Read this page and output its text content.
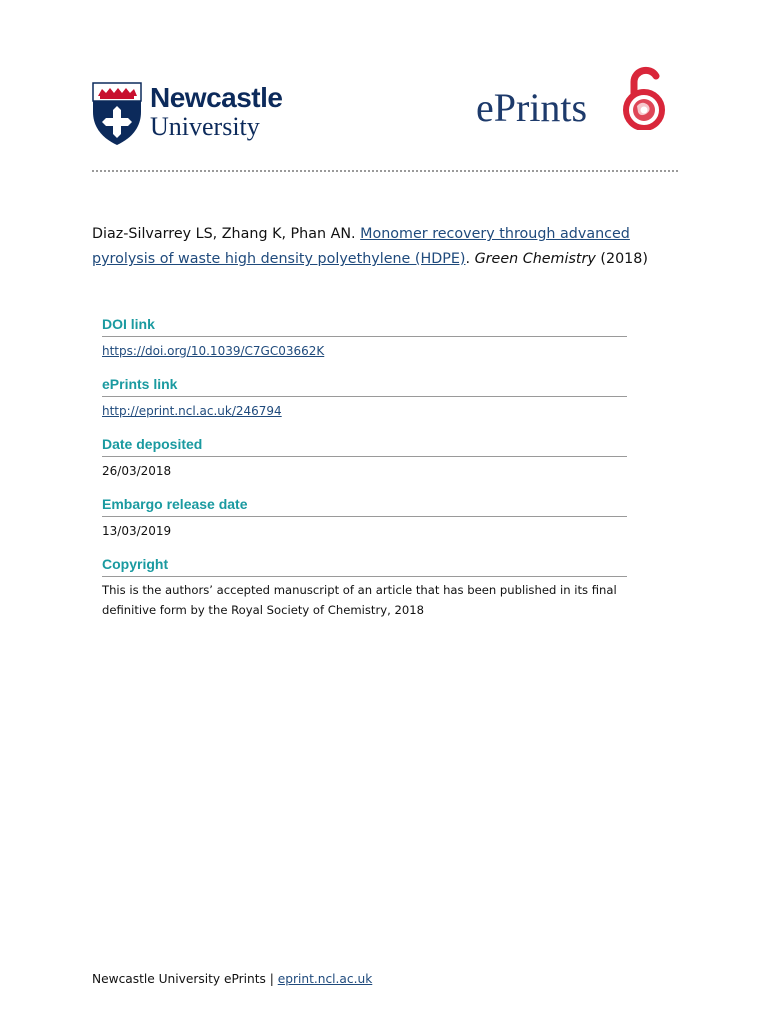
Newcastle
University	ePrints
Diaz-Silvarrey LS, Zhang K, Phan AN. Monomer recovery through advanced pyrolysis of waste high density polyethylene (HDPE). Green Chemistry (2018)
DOI link
https://doi.org/10.1039/C7GC03662K
ePrints link
http://eprint.ncl.ac.uk/246794
Date deposited
26/03/2018
Embargo release date
13/03/2019
Copyright
This is the authors’ accepted manuscript of an article that has been published in its final
definitive form by the Royal Society of Chemistry, 2018
Newcastle University ePrints | eprint.ncl.ac.uk
